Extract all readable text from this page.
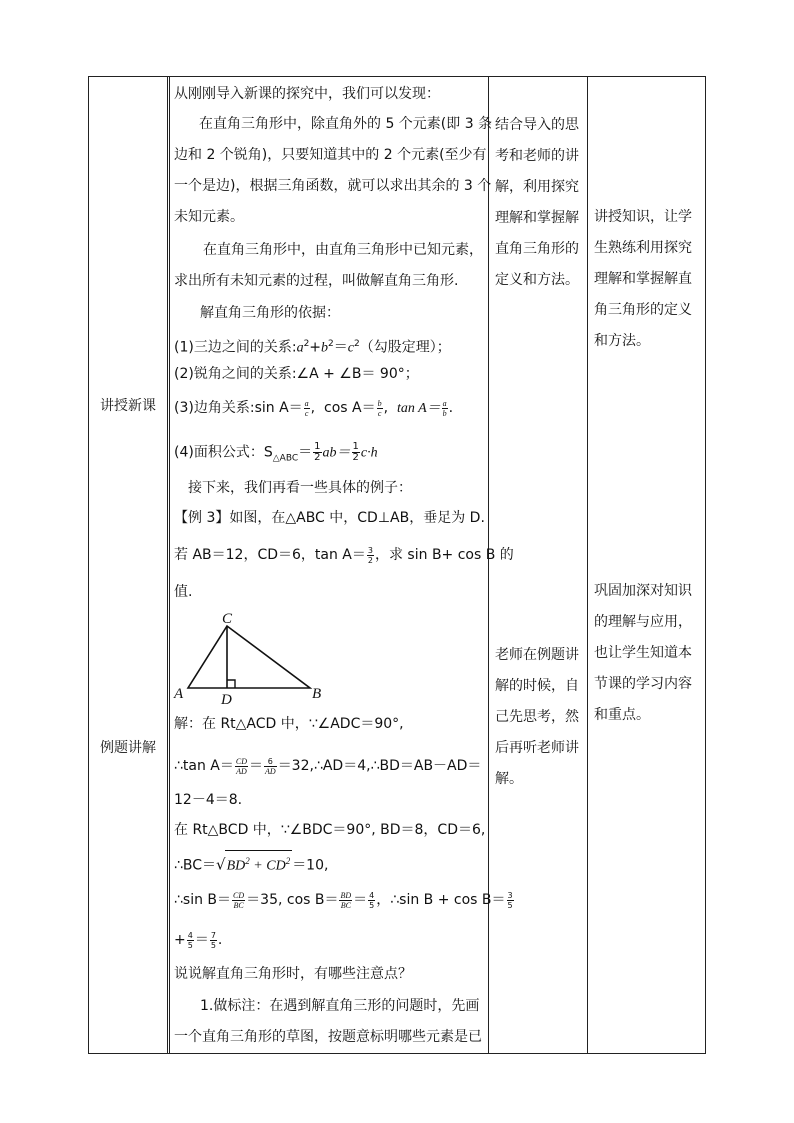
讲授新课
例题讲解
从刚刚导入新课的探究中，我们可以发现：
在直角三角形中，除直角外的 5 个元素(即 3 条
边和 2 个锐角)，只要知道其中的 2 个元素(至少有
一个是边)，根据三角函数，就可以求出其余的 3 个
未知元素。
在直角三角形中，由直角三角形中已知元素，
求出所有未知元素的过程，叫做解直角三角形.
解直角三角形的依据：
(1)三边之间的关系$:a^2+b^2=c^2$（勾股定理）；
(2)锐角之间的关系:∠A + ∠B＝ 90°；
(3)边角关系:sin $A= \frac{a}{c}$ ,  $\cos A= \frac{b}{c}$ ,  $\tan A= \frac{a}{b}$ .
(4)面积公式：$S_{\triangle ABC}= \frac{1}{2} ab= \frac{1}{2} c\cdot h$
接下来，我们再看一些具体的例子：
【例 3】如图，在△ABC 中，CD⊥AB，垂足为 D.
若 AB＝12，CD＝6，$\tan A= \frac{3}{2}$ ，求 sin B+ cos B 的
值.
C
A	B
D
解：在 Rt△ACD 中，∵∠ADC＝90°,
∴tan $A= \frac{CD}{AD} = \frac{6}{AD}$ ＝32,∴AD＝4,∴BD＝AB－AD＝
12－4＝8.
在 Rt△BCD 中，∵∠BDC＝90°, BD＝8，CD＝6,
$\therefore BC=√BD^2 + CD^2 =10$,
∴sin $B= \frac{CD}{BC} =35$, $\cos B= \frac{BD}{BC} = \frac{4}{5}$ ，∴sin $B + \cos B= \frac{3}{5}$
+ $\frac{4}{5} = \frac{7}{5}$ .
说说解直角三角形时，有哪些注意点？
1.做标注：在遇到解直角三形的问题时，先画
一个直角三角形的草图，按题意标明哪些元素是已
结合导入的思
考和老师的讲
解，利用探究
理解和掌握解
直角三角形的
定义和方法。
老师在例题讲
解的时候，自
己先思考，然
后再听老师讲
解。
讲授知识，让学
生熟练利用探究
理解和掌握解直
角三角形的定义
和方法。
巩固加深对知识
的理解与应用，
也让学生知道本
节课的学习内容
和重点。
